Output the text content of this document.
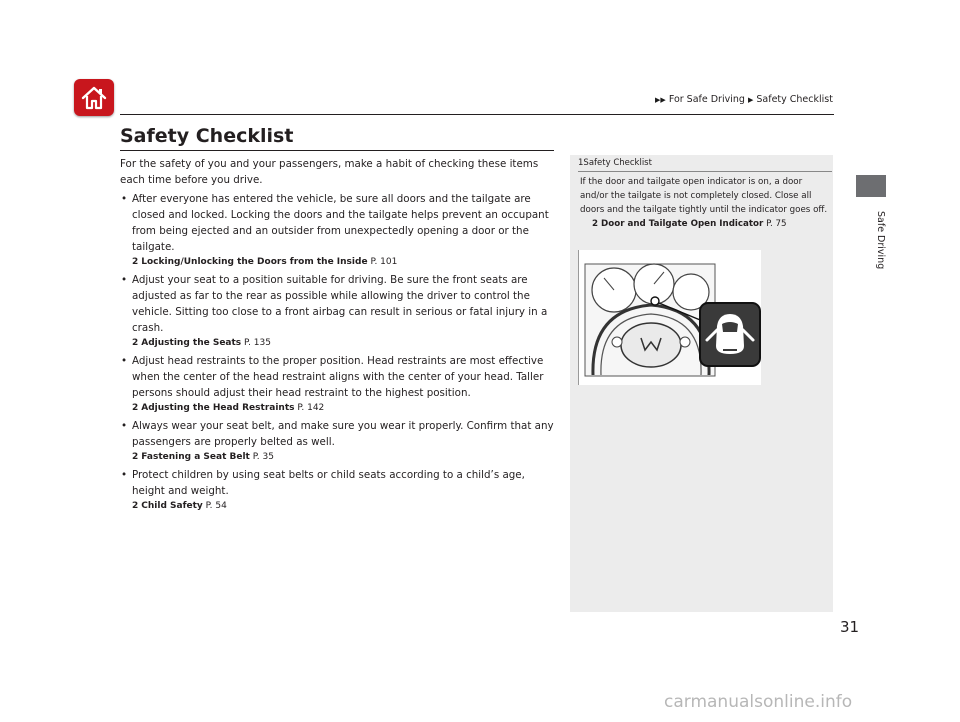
▶▶ For Safe Driving ▶ Safety Checklist
Safety Checklist

For the safety of you and your passengers, make a habit of checking these items each time before you drive.

• After everyone has entered the vehicle, be sure all doors and the tailgate are closed and locked. Locking the doors and the tailgate helps prevent an occupant from being ejected and an outsider from unexpectedly opening a door or the tailgate.
2 Locking/Unlocking the Doors from the Inside P. 101
• Adjust your seat to a position suitable for driving. Be sure the front seats are adjusted as far to the rear as possible while allowing the driver to control the vehicle. Sitting too close to a front airbag can result in serious or fatal injury in a crash.
2 Adjusting the Seats P. 135
• Adjust head restraints to the proper position. Head restraints are most effective when the center of the head restraint aligns with the center of your head. Taller persons should adjust their head restraint to the highest position.
2 Adjusting the Head Restraints P. 142
• Always wear your seat belt, and make sure you wear it properly. Confirm that any passengers are properly belted as well.
2 Fastening a Seat Belt P. 35
• Protect children by using seat belts or child seats according to a child’s age, height and weight.
2 Child Safety P. 54
1Safety Checklist

If the door and tailgate open indicator is on, a door and/or the tailgate is not completely closed. Close all doors and the tailgate tightly until the indicator goes off.

2 Door and Tailgate Open Indicator P. 75	Safe Driving
31
carmanualsonline.info
